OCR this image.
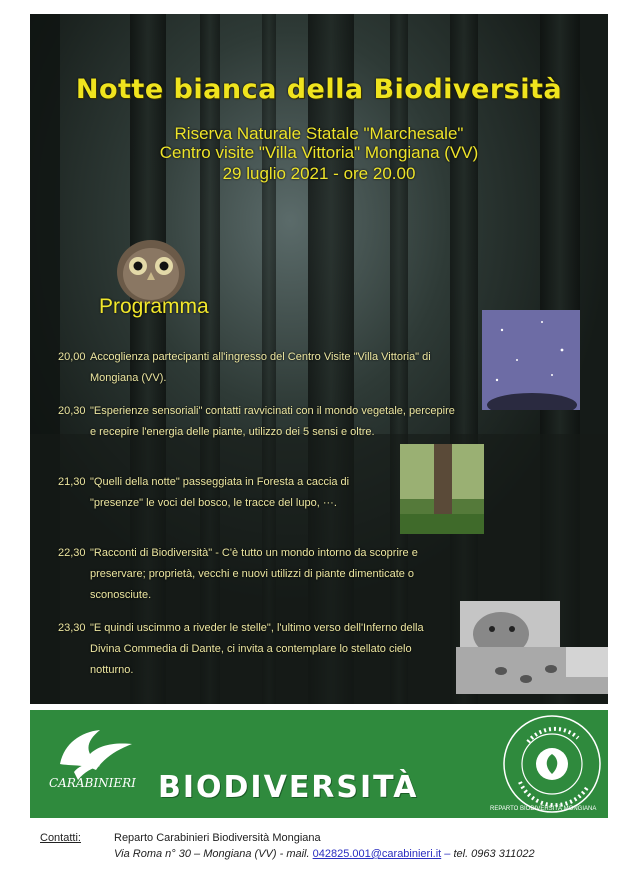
Notte bianca della Biodiversità
Riserva Naturale Statale "Marchesale"
Centro visite "Villa Vittoria" Mongiana (VV)
29 luglio 2021 - ore 20.00
Programma
20,00 Accoglienza partecipanti all'ingresso del Centro Visite "Villa Vittoria" di Mongiana (VV).
20,30 "Esperienze sensoriali" contatti ravvicinati con il mondo vegetale, percepire e recepire l'energia delle piante, utilizzo dei 5 sensi e oltre.
21,30 "Quelli della notte" passeggiata in Foresta a caccia di "presenze" le voci del bosco, le tracce del lupo, ···.
22,30 "Racconti di Biodiversità" - C'è tutto un mondo intorno da scoprire e preservare; proprietà, vecchi e nuovi utilizzi di piante dimenticate o sconosciute.
23,30 "E quindi uscimmo a riveder le stelle", l'ultimo verso dell'Inferno della Divina Commedia di Dante, ci invita a contemplare lo stellato cielo notturno.
CARABINIERI BIODIVERSITÀ
REPARTO BIODIVERSITÀ MONGIANA
Contatti:	Reparto Carabinieri Biodiversità Mongiana
Via Roma n° 30 – Mongiana (VV) - mail. 042825.001@carabinieri.it – tel. 0963 311022
